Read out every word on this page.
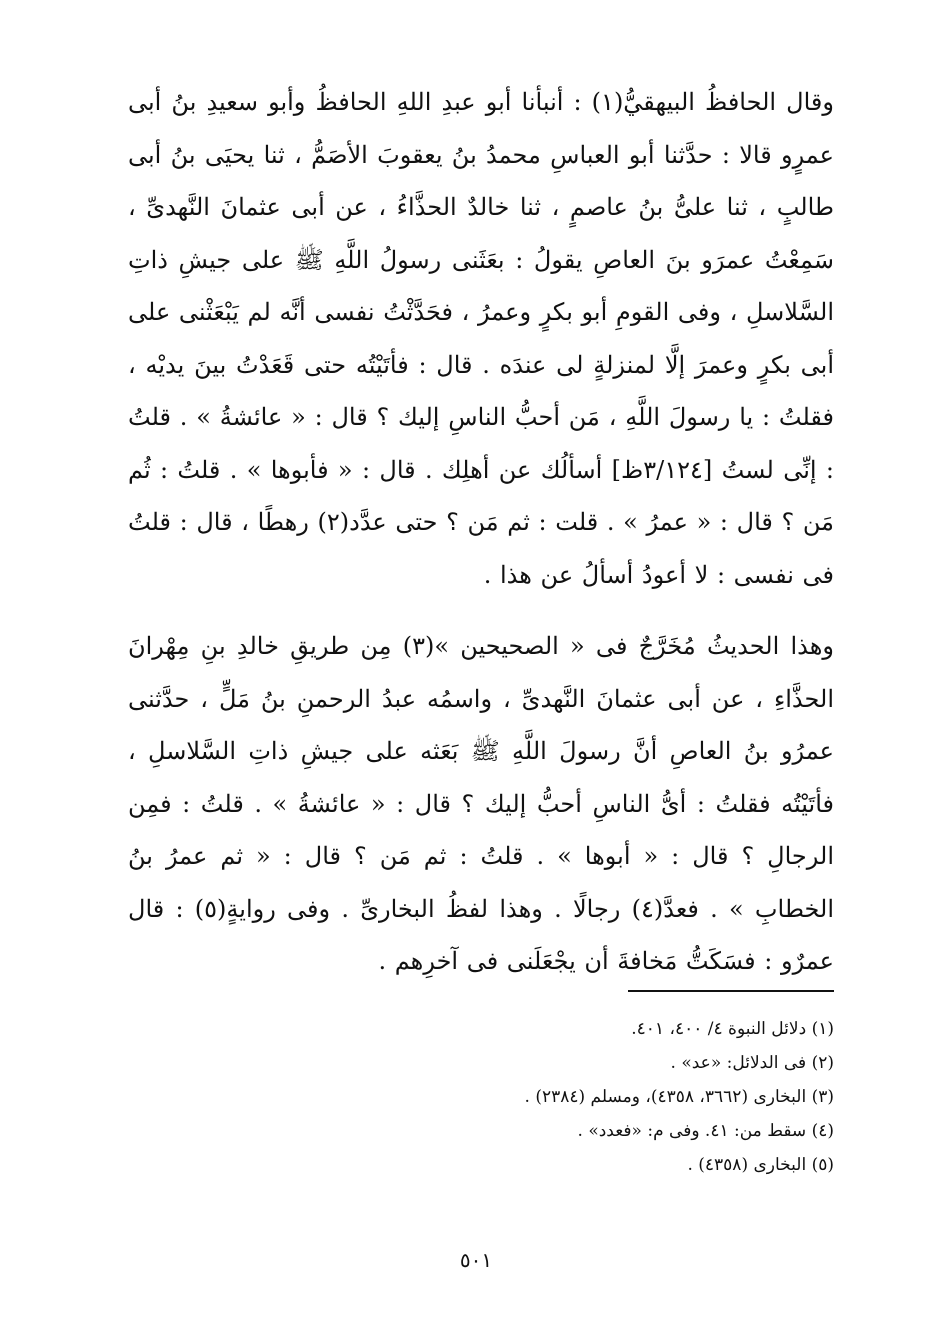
وقال الحافظُ البيهقيُّ(١) : أنبأنا أبو عبدِ اللهِ الحافظُ وأبو سعيدِ بنُ أبى عمرٍو قالا : حدَّثنا أبو العباسِ محمدُ بنُ يعقوبَ الأصَمُّ ، ثنا يحيَى بنُ أبى طالبٍ ، ثنا علىُّ بنُ عاصمٍ ، ثنا خالدٌ الحذَّاءُ ، عن أبى عثمانَ النَّهدىِّ ، سَمِعْتُ عمرَو بنَ العاصِ يقولُ : بعَثَنى رسولُ اللَّهِ ﷺ على جيشِ ذاتِ السَّلاسلِ ، وفى القومِ أبو بكرٍ وعمرُ ، فحَدَّثْتُ نفسى أنَّه لم يَبْعَثْنى على أبى بكرٍ وعمرَ إلَّا لمنزلةٍ لى عندَه . قال : فأتَيْتُه حتى قَعَدْتُ بينَ يديْه ، فقلتُ : يا رسولَ اللَّهِ ، مَن أحبُّ الناسِ إليك ؟ قال : « عائشةُ » . قلتُ : إنِّى لستُ [٣/١٢٤ظ] أسألُك عن أهلِك . قال : « فأبوها » . قلتُ : ثُم مَن ؟ قال : « عمرُ » . قلت : ثم مَن ؟ حتى عدَّد(٢) رهطًا ، قال : قلتُ فى نفسى : لا أعودُ أسألُ عن هذا .

وهذا الحديثُ مُخَرَّجٌ فى « الصحيحين »(٣) مِن طريقِ خالدِ بنِ مِهْرانَ الحذَّاءِ ، عن أبى عثمانَ النَّهدىِّ ، واسمُه عبدُ الرحمنِ بنُ مَلٍّ ، حدَّثنى عمرُو بنُ العاصِ أنَّ رسولَ اللَّهِ ﷺ بَعَثه على جيشِ ذاتِ السَّلاسلِ ، فأتَيْتُه فقلتُ : أىُّ الناسِ أحبُّ إليك ؟ قال : « عائشةُ » . قلتُ : فمِن الرجالِ ؟ قال : « أبوها » . قلتُ : ثم مَن ؟ قال : « ثم عمرُ بنُ الخطابِ » . فعدَّ(٤) رجالًا . وهذا لفظُ البخارىِّ . وفى روايةٍ(٥) : قال عمرٌو : فسَكَتُّ مَخافةَ أن يجْعَلَنى فى آخرِهم .

(١) دلائل النبوة ٤/ ٤٠٠، ٤٠١.
(٢) فى الدلائل: «عد» .
(٣) البخارى (٣٦٦٢، ٤٣٥٨)، ومسلم (٢٣٨٤) .
(٤) سقط من: ٤١. وفى م: «فعدد» .
(٥) البخارى (٤٣٥٨) .
٥٠١
